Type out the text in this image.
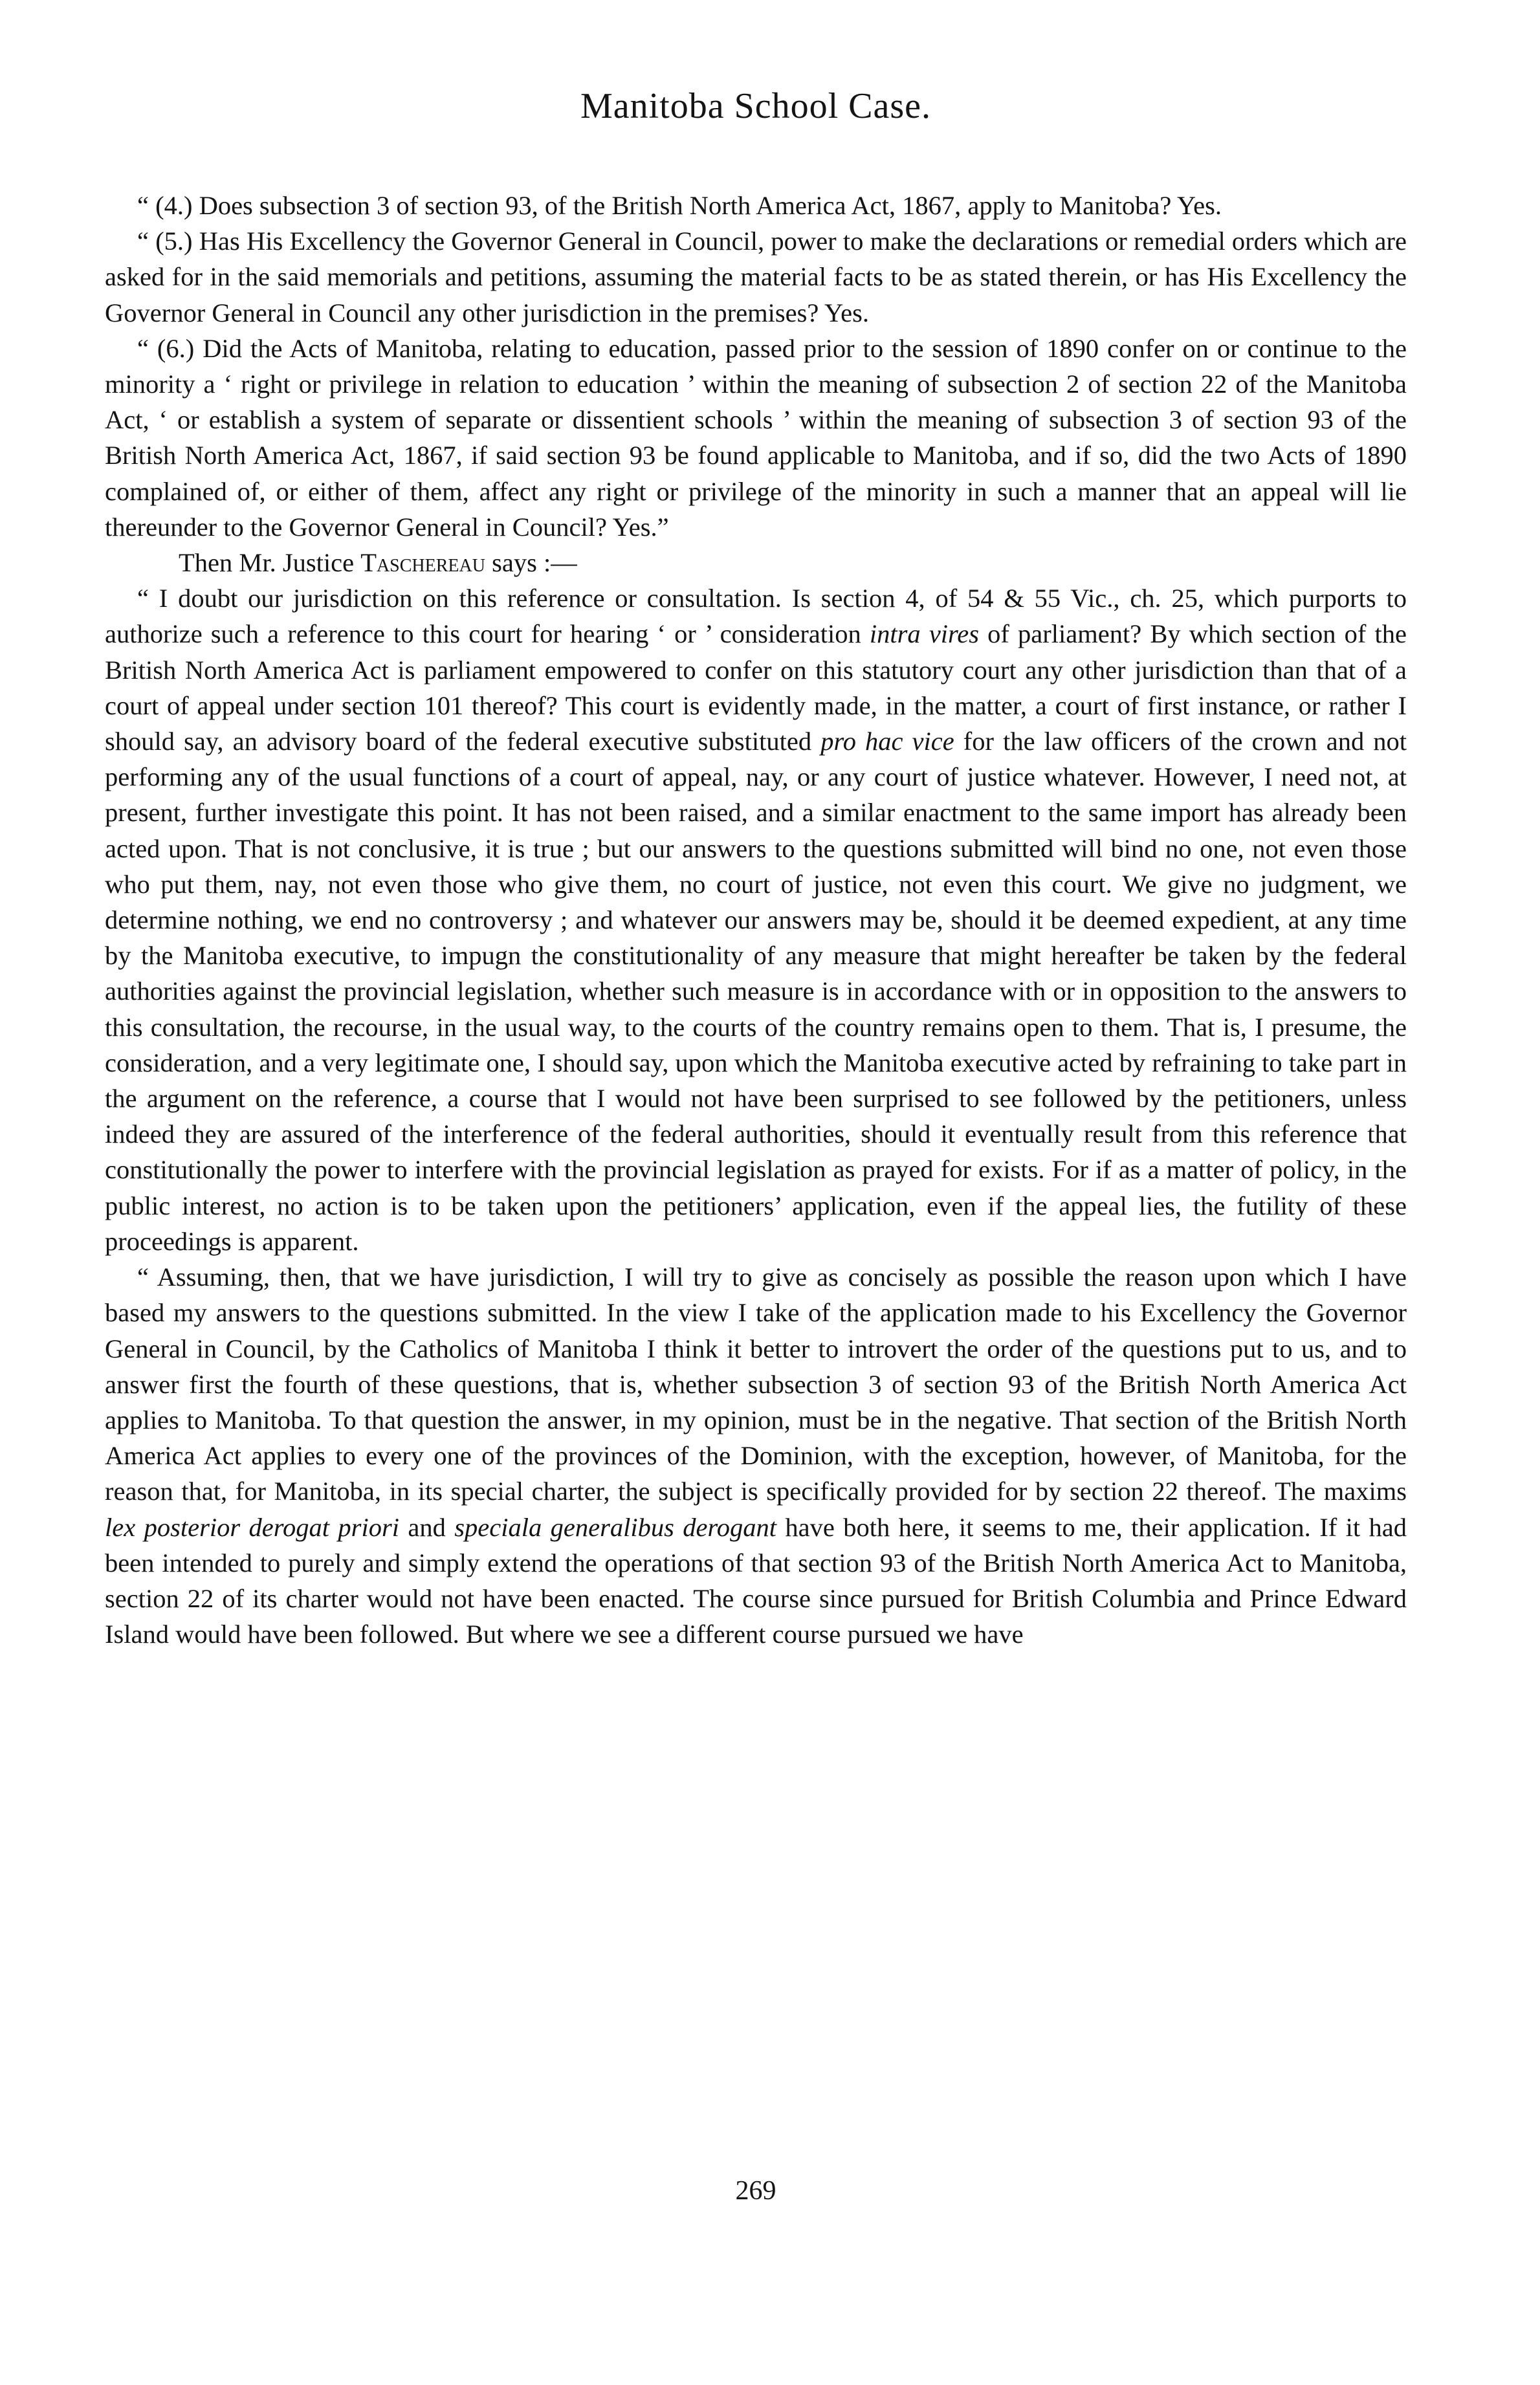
Manitoba School Case.

“ (4.) Does subsection 3 of section 93, of the British North America Act, 1867, apply to Manitoba? Yes.

“ (5.) Has His Excellency the Governor General in Council, power to make the declarations or remedial orders which are asked for in the said memorials and petitions, assuming the material facts to be as stated therein, or has His Excellency the Governor General in Council any other jurisdiction in the premises? Yes.

“ (6.) Did the Acts of Manitoba, relating to education, passed prior to the session of 1890 confer on or continue to the minority a ‘ right or privilege in relation to education ’ within the meaning of subsection 2 of section 22 of the Manitoba Act, ‘ or establish a system of separate or dissentient schools ’ within the meaning of subsection 3 of section 93 of the British North America Act, 1867, if said section 93 be found applicable to Manitoba, and if so, did the two Acts of 1890 complained of, or either of them, affect any right or privilege of the minority in such a manner that an appeal will lie thereunder to the Governor General in Council? Yes.”

Then Mr. Justice Taschereau says :—

“ I doubt our jurisdiction on this reference or consultation. Is section 4, of 54 & 55 Vic., ch. 25, which purports to authorize such a reference to this court for hearing ‘ or ’ consideration intra vires of parliament? By which section of the British North America Act is parliament empowered to confer on this statutory court any other jurisdiction than that of a court of appeal under section 101 thereof? This court is evidently made, in the matter, a court of first instance, or rather I should say, an advisory board of the federal executive substituted pro hac vice for the law officers of the crown and not performing any of the usual functions of a court of appeal, nay, or any court of justice whatever. However, I need not, at present, further investigate this point. It has not been raised, and a similar enactment to the same import has already been acted upon. That is not conclusive, it is true ; but our answers to the questions submitted will bind no one, not even those who put them, nay, not even those who give them, no court of justice, not even this court. We give no judgment, we determine nothing, we end no controversy ; and whatever our answers may be, should it be deemed expedient, at any time by the Manitoba executive, to impugn the constitutionality of any measure that might hereafter be taken by the federal authorities against the provincial legislation, whether such measure is in accordance with or in opposition to the answers to this consultation, the recourse, in the usual way, to the courts of the country remains open to them. That is, I presume, the consideration, and a very legitimate one, I should say, upon which the Manitoba executive acted by refraining to take part in the argument on the reference, a course that I would not have been surprised to see followed by the petitioners, unless indeed they are assured of the interference of the federal authorities, should it eventually result from this reference that constitutionally the power to interfere with the provincial legislation as prayed for exists. For if as a matter of policy, in the public interest, no action is to be taken upon the petitioners’ application, even if the appeal lies, the futility of these proceedings is apparent.

“ Assuming, then, that we have jurisdiction, I will try to give as concisely as possible the reason upon which I have based my answers to the questions submitted. In the view I take of the application made to his Excellency the Governor General in Council, by the Catholics of Manitoba I think it better to introvert the order of the questions put to us, and to answer first the fourth of these questions, that is, whether subsection 3 of section 93 of the British North America Act applies to Manitoba. To that question the answer, in my opinion, must be in the negative. That section of the British North America Act applies to every one of the provinces of the Dominion, with the exception, however, of Manitoba, for the reason that, for Manitoba, in its special charter, the subject is specifically provided for by section 22 thereof. The maxims lex posterior derogat priori and speciala generalibus derogant have both here, it seems to me, their application. If it had been intended to purely and simply extend the operations of that section 93 of the British North America Act to Manitoba, section 22 of its charter would not have been enacted. The course since pursued for British Columbia and Prince Edward Island would have been followed. But where we see a different course pursued we have

269
